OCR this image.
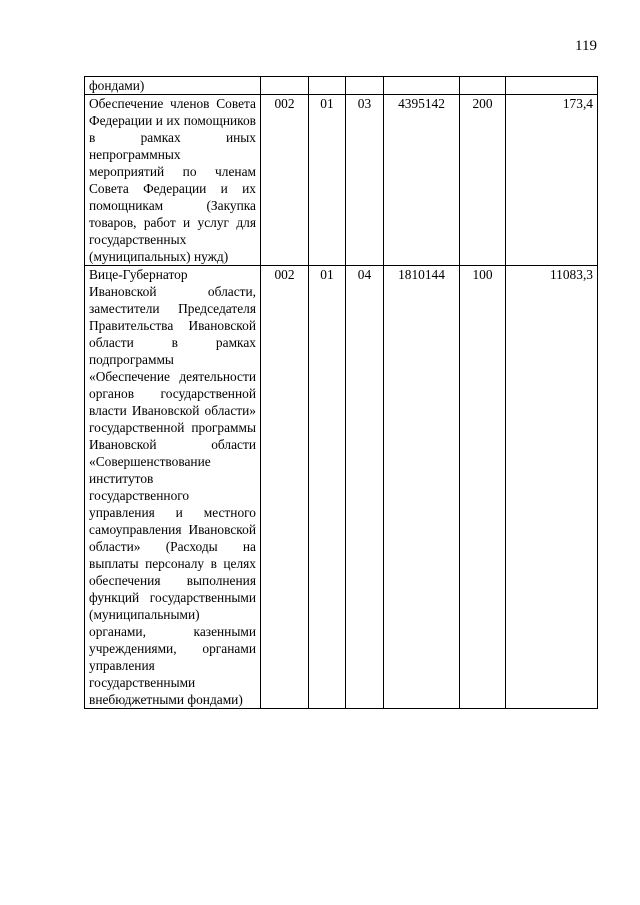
119
фондами)						
Обеспечение членов Совета Федерации и их помощников в рамках иных непрограммных мероприятий по членам Совета Федерации и их помощникам (Закупка товаров, работ и услуг для государственных (муниципальных) нужд)	002	01	03	4395142	200	173,4
Вице-Губернатор Ивановской области, заместители Председателя Правительства Ивановской области в рамках подпрограммы «Обеспечение деятельности органов государственной власти Ивановской области» государственной программы Ивановской области «Совершенствование институтов государственного управления и местного самоуправления Ивановской области» (Расходы на выплаты персоналу в целях обеспечения выполнения функций государственными (муниципальными) органами, казенными учреждениями, органами управления государственными внебюджетными фондами)	002	01	04	1810144	100	11083,3
